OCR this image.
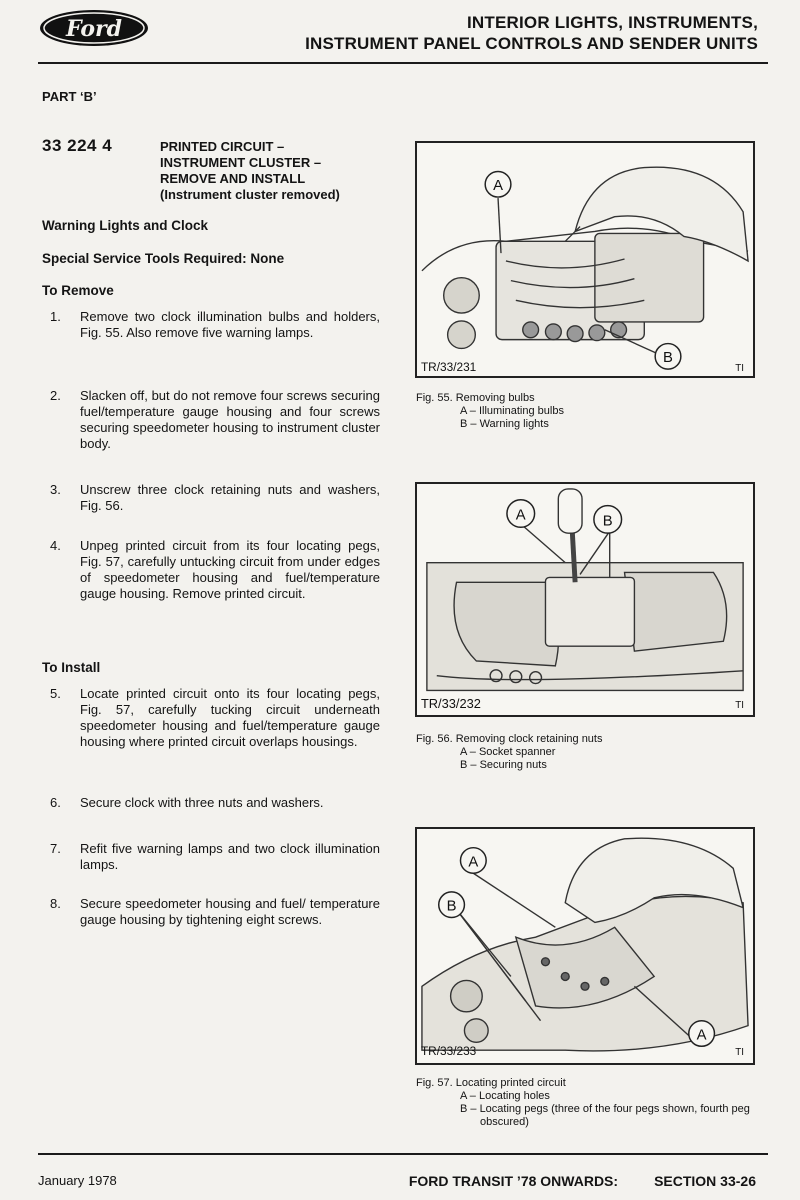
Ford	INTERIOR LIGHTS, INSTRUMENTS,
INSTRUMENT PANEL CONTROLS AND SENDER UNITS
PART ‘B’
33 224 4	PRINTED CIRCUIT –
INSTRUMENT CLUSTER –
REMOVE AND INSTALL
(Instrument cluster removed)
Warning Lights and Clock
Special Service Tools Required: None
To Remove
1. Remove two clock illumination bulbs and holders, Fig. 55. Also remove five warning lamps.
2. Slacken off, but do not remove four screws securing fuel/temperature gauge housing and four screws securing speedometer housing to instrument cluster body.
3. Unscrew three clock retaining nuts and washers, Fig. 56.
4. Unpeg printed circuit from its four locating pegs, Fig. 57, carefully untucking circuit from under edges of speedometer housing and fuel/temperature gauge housing. Remove printed circuit.
To Install
5. Locate printed circuit onto its four locating pegs, Fig. 57, carefully tucking circuit underneath speedometer housing and fuel/temperature gauge housing where printed circuit overlaps housings.
6. Secure clock with three nuts and washers.
7. Refit five warning lamps and two clock illumination lamps.
8. Secure speedometer housing and fuel/ temperature gauge housing by tightening eight screws.
A
B
TR/33/231	TI
Fig. 55. Removing bulbs
A – Illuminating bulbs
B – Warning lights
A	B
TR/33/232	TI
Fig. 56. Removing clock retaining nuts
A – Socket spanner
B – Securing nuts
A
B
A
TR/33/233	TI
Fig. 57. Locating printed circuit
A – Locating holes
B – Locating pegs (three of the four pegs shown, fourth peg obscured)
January 1978	FORD TRANSIT ’78 ONWARDS:	SECTION 33-26
